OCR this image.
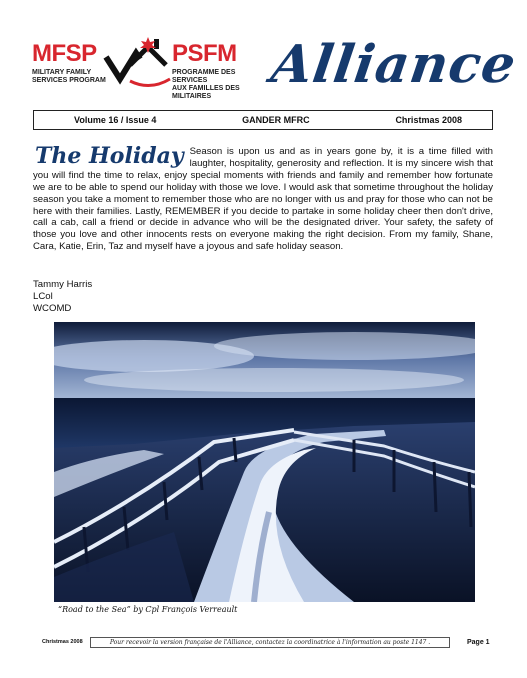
MFSP	PSFM
MILITARY FAMILY
SERVICES PROGRAM
PROGRAMME DES SERVICES
AUX FAMILLES DES MILITAIRES
Alliance
Volume 16 / Issue 4	GANDER MFRC	Christmas 2008
The Holiday Season is upon us and as in years gone by, it is a time filled with laughter, hospitality, generosity and reflection. It is my sincere wish that you will find the time to relax, enjoy special moments with friends and family and remember how fortunate we are to be able to spend our holiday with those we love. I would ask that sometime throughout the holiday season you take a moment to remember those who are no longer with us and pray for those who can not be here with their families. Lastly, REMEMBER if you decide to partake in some holiday cheer then don't drive, call a cab, call a friend or decide in advance who will be the designated driver. Your safety, the safety of those you love and other innocents rests on everyone making the right decision. From my family, Shane, Cara, Katie, Erin, Taz and myself have a joyous and safe holiday season.
Tammy Harris
LCol
WCOMD
“Road to the Sea” by Cpl François Verreault
Christmas 2008	Pour recevoir la version française de l'Alliance, contactez la coordinatrice à l'information au poste 1147 .	Page 1
